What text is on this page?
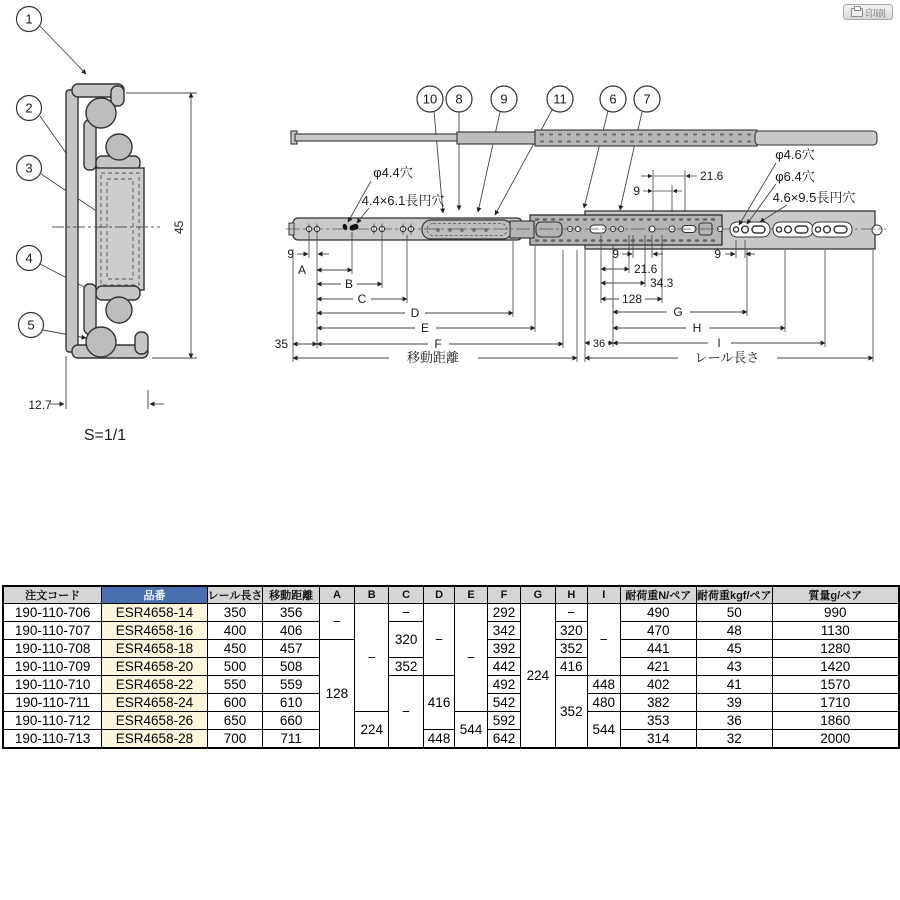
印刷
1
2
3
4
5
45
12.7
S=1/1
10 8	9	11	6 7
φ4.4穴
4.4×6.1長円穴
φ4.6穴
φ6.4穴
4.6×9.5長円穴
21.6
9
9
A
B
C
D
E
F
35
移動距離
9
21.6
34.3
128
G
H
I
36
レール長さ
9
注文コード	品番	レール長さ	移動距離	A	B	C	D	E	F	G	H	I	耐荷重N/ペア	耐荷重kgf/ペア	質量g/ペア
190-110-706	ESR4658-14	350	356	−	−	−	−	−	292	224	−	−	490	50	990
190-110-707	ESR4658-16	400	406			320			342		320		470	48	1130
190-110-708	ESR4658-18	450	457	128					392		352		441	45	1280
190-110-709	ESR4658-20	500	508			352			442		416		421	43	1420
190-110-710	ESR4658-22	550	559			−	416		492		352	448	402	41	1570
190-110-711	ESR4658-24	600	610						542			480	382	39	1710
190-110-712	ESR4658-26	650	660		224			544	592			544	353	36	1860
190-110-713	ESR4658-28	700	711				448		642				314	32	2000
